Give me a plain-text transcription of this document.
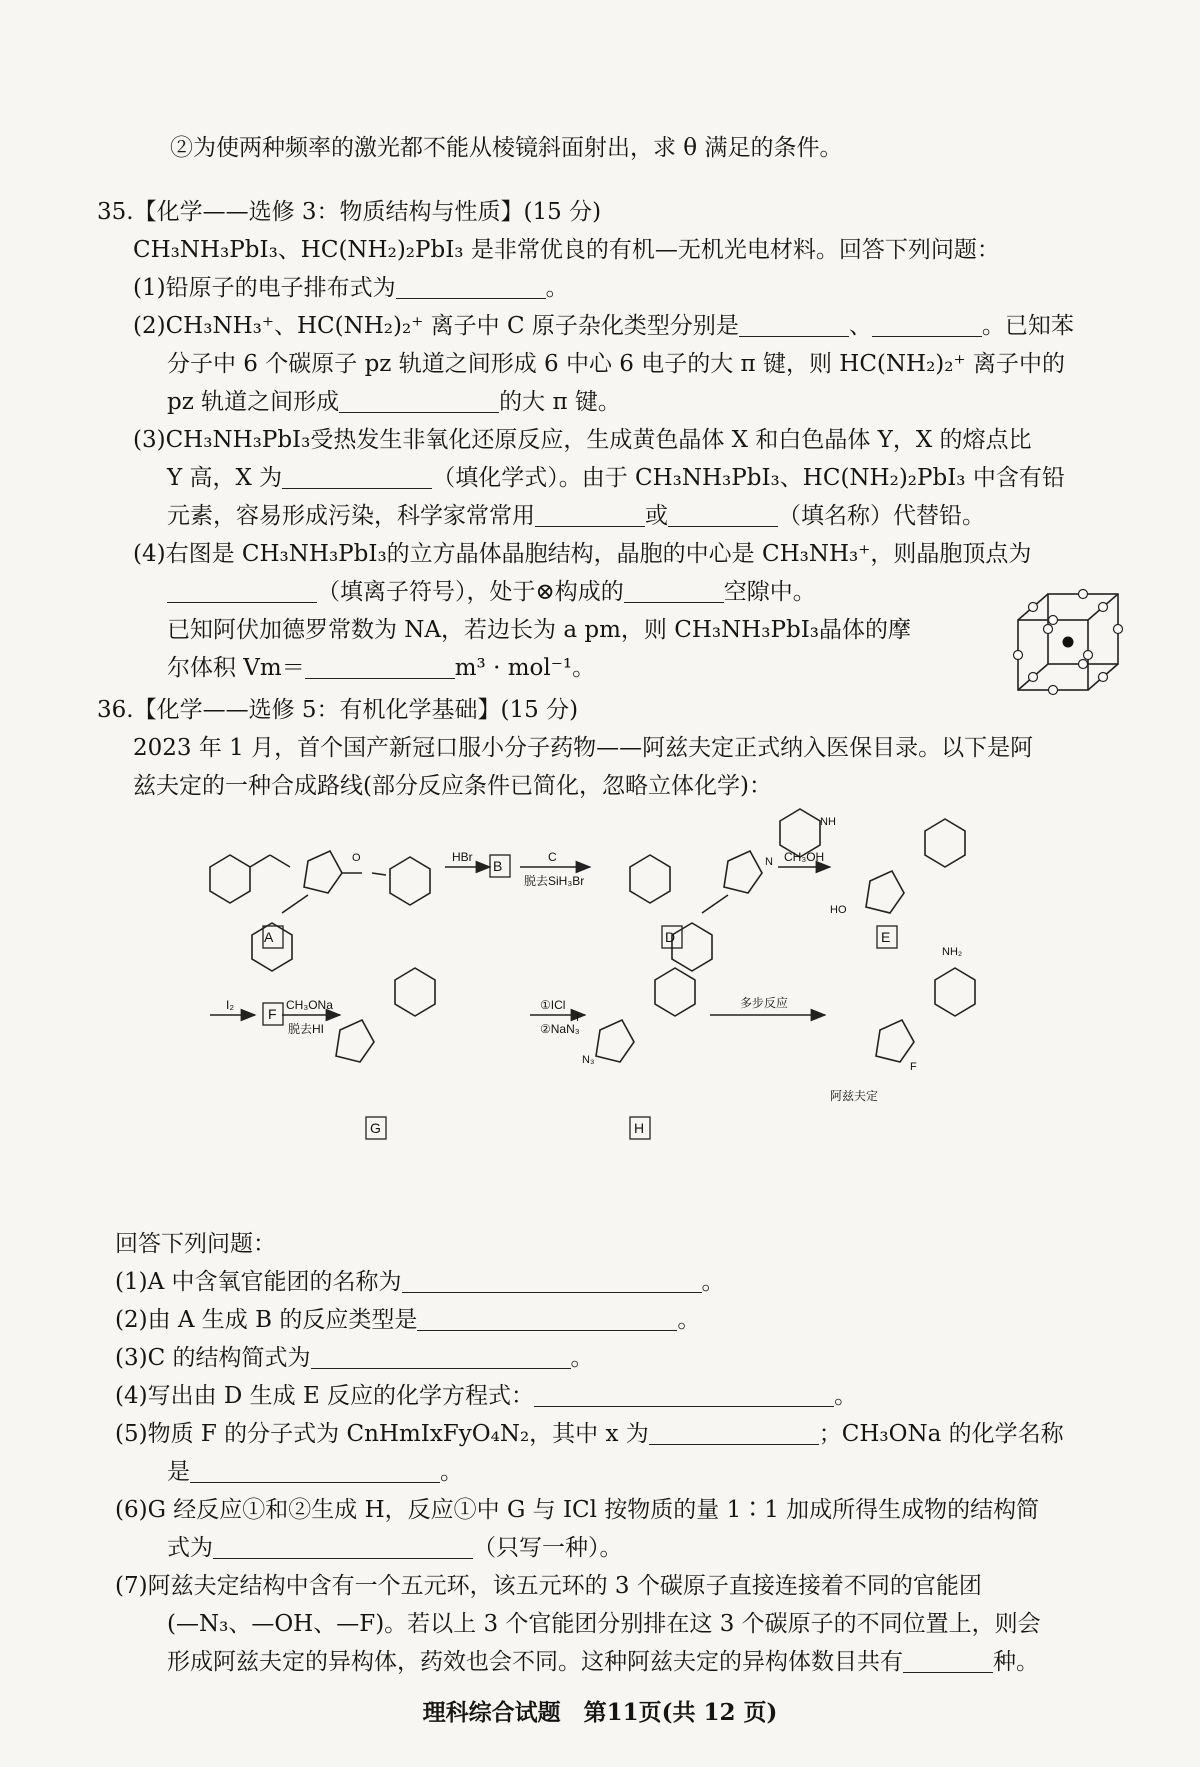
②为使两种频率的激光都不能从棱镜斜面射出，求 θ 满足的条件。
35.【化学——选修 3：物质结构与性质】(15 分)
CH₃NH₃PbI₃、HC(NH₂)₂PbI₃ 是非常优良的有机—无机光电材料。回答下列问题：
(1)铅原子的电子排布式为	。
(2)CH₃NH₃⁺、HC(NH₂)₂⁺ 离子中 C 原子杂化类型分别是	、	。已知苯
分子中 6 个碳原子 pz 轨道之间形成 6 中心 6 电子的大 π 键，则 HC(NH₂)₂⁺ 离子中的
pz 轨道之间形成	的大 π 键。
(3)CH₃NH₃PbI₃受热发生非氧化还原反应，生成黄色晶体 X 和白色晶体 Y，X 的熔点比
Y 高，X 为	（填化学式）。由于 CH₃NH₃PbI₃、HC(NH₂)₂PbI₃ 中含有铅
元素，容易形成污染，科学家常常用	或	（填名称）代替铅。
(4)右图是 CH₃NH₃PbI₃的立方晶体晶胞结构，晶胞的中心是 CH₃NH₃⁺，则晶胞顶点为
（填离子符号），处于⊗构成的	空隙中。
已知阿伏加德罗常数为 NA，若边长为 a pm，则 CH₃NH₃PbI₃晶体的摩
尔体积 Vm＝	m³ · mol⁻¹。
36.【化学——选修 5：有机化学基础】(15 分)
2023 年 1 月，首个国产新冠口服小分子药物——阿兹夫定正式纳入医保目录。以下是阿
兹夫定的一种合成路线(部分反应条件已简化，忽略立体化学)：
A
B
D	E
F
G	H
HBr	C
脱去SiH₃Br
CH₃OH
I₂	CH₃ONa
脱去HI
①ICl
②NaN₃
多步反应
阿兹夫定
O
NH
N
HO
I
N₃
NH₂
F
回答下列问题：
(1)A 中含氧官能团的名称为	。
(2)由 A 生成 B 的反应类型是	。
(3)C 的结构简式为	。
(4)写出由 D 生成 E 反应的化学方程式：	。
(5)物质 F 的分子式为 CnHmIxFyO₄N₂，其中 x 为	；CH₃ONa 的化学名称
是	。
(6)G 经反应①和②生成 H，反应①中 G 与 ICl 按物质的量 1∶1 加成所得生成物的结构简
式为	（只写一种）。
(7)阿兹夫定结构中含有一个五元环，该五元环的 3 个碳原子直接连接着不同的官能团
(—N₃、—OH、—F)。若以上 3 个官能团分别排在这 3 个碳原子的不同位置上，则会
形成阿兹夫定的异构体，药效也会不同。这种阿兹夫定的异构体数目共有	种。
理科综合试题　第11页(共 12 页)
